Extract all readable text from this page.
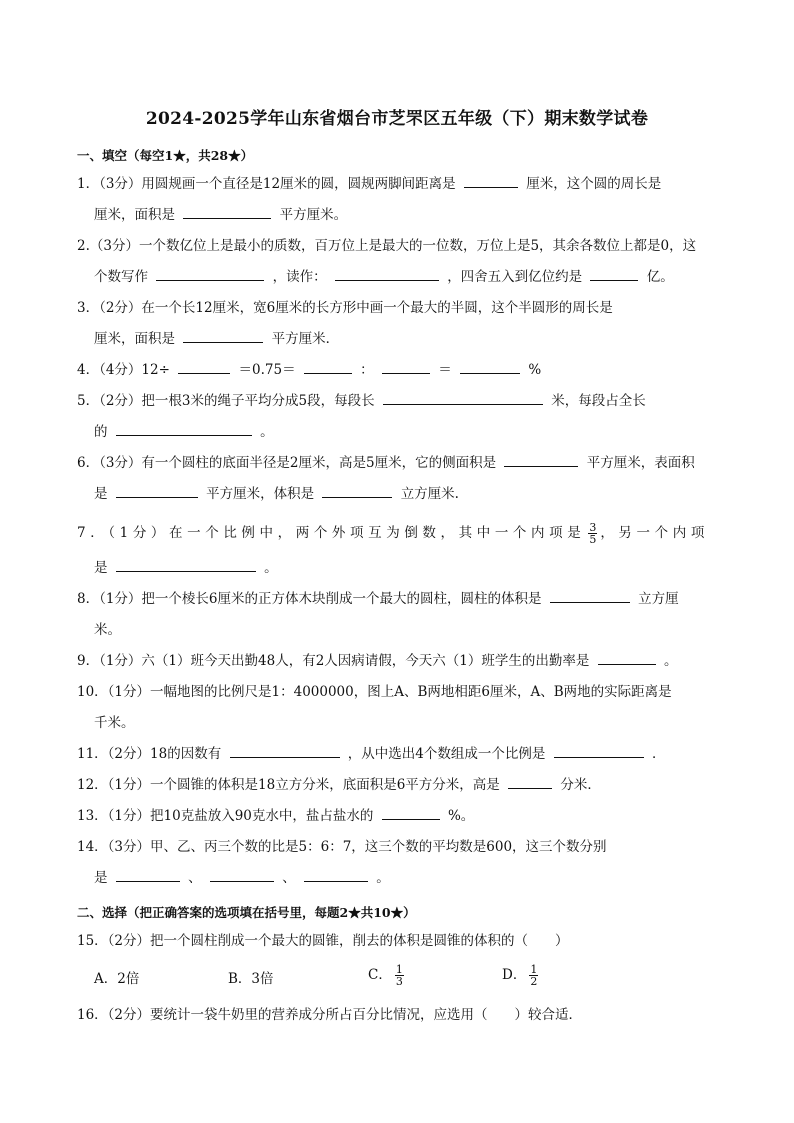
2024-2025学年山东省烟台市芝罘区五年级（下）期末数学试卷
一、填空（每空1★，共28★）
1．（3分）用圆规画一个直径是12厘米的圆，圆规两脚间距离是	厘米，这个圆的周长是
厘米，面积是	平方厘米。
2.（3分）一个数亿位上是最小的质数，百万位上是最大的一位数，万位上是5，其余各数位上都是0，这
个数写作	，读作：	，四舍五入到亿位约是	亿。
3．（2分）在一个长12厘米，宽6厘米的长方形中画一个最大的半圆，这个半圆形的周长是
厘米，面积是	平方厘米．
4．（4分）12÷	＝0.75＝	：	＝	%
5．（2分）把一根3米的绳子平均分成5段，每段长	米，每段占全长
的	。
6．（3分）有一个圆柱的底面半径是2厘米，高是5厘米，它的侧面积是	平方厘米，表面积
是	平方厘米，体积是	立方厘米.
7．（1分）在一个比例中，两个外项互为倒数，其中一个内项是 $\frac{3}{5}$ ，另一个内项
是	。
8．（1分）把一个棱长6厘米的正方体木块削成一个最大的圆柱，圆柱的体积是	立方厘
米。
9．（1分）六（1）班今天出勤48人，有2人因病请假，今天六（1）班学生的出勤率是	。
10．（1分）一幅地图的比例尺是1：4000000，图上A、B两地相距6厘米，A、B两地的实际距离是
千米。
11．（2分）18的因数有	，从中选出4个数组成一个比例是	．
12．（1分）一个圆锥的体积是18立方分米，底面积是6平方分米，高是	分米．
13．（1分）把10克盐放入90克水中，盐占盐水的	%。
14．（3分）甲、乙、丙三个数的比是5：6：7，这三个数的平均数是600，这三个数分别
是	、	、	。
二、选择（把正确答案的选项填在括号里，每题2★共10★）
15．（2分）把一个圆柱削成一个最大的圆锥，削去的体积是圆锥的体积的（　　）
A．2倍	B．3倍	C． $\frac{1}{3}$	D． $\frac{1}{2}$
16．（2分）要统计一袋牛奶里的营养成分所占百分比情况，应选用（　　）较合适．
